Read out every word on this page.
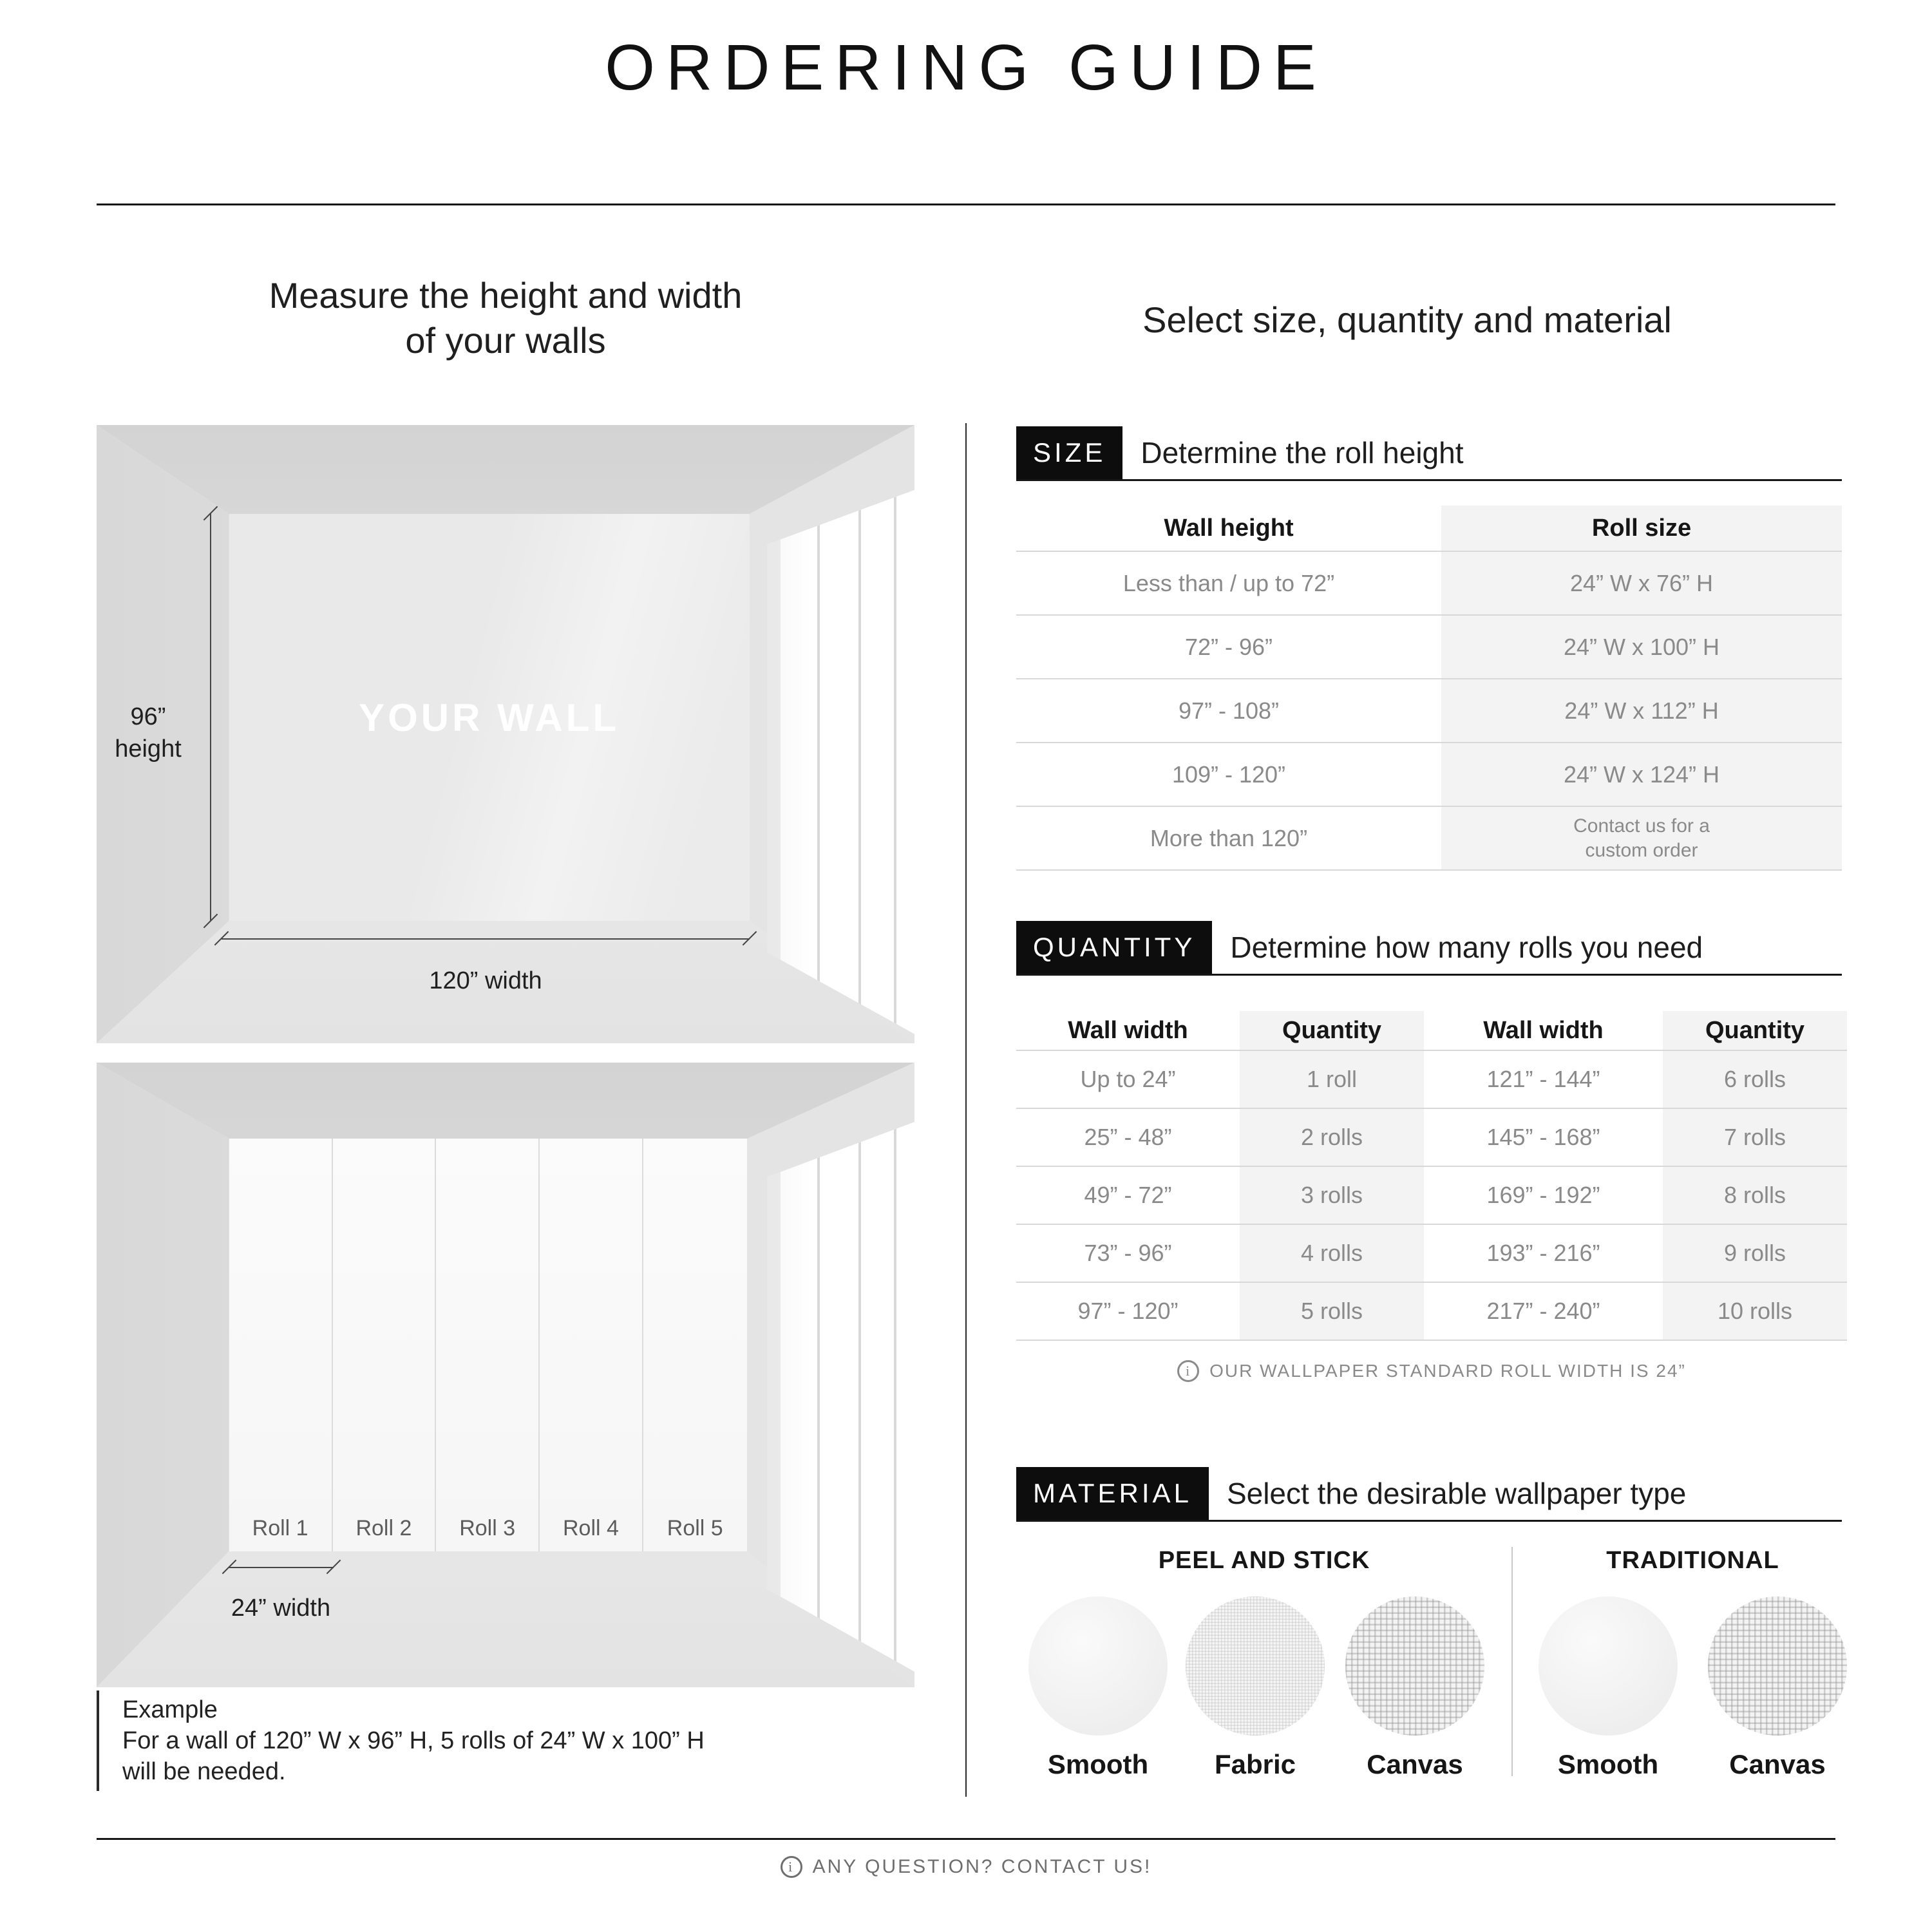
ORDERING GUIDE
Measure the height and width
of your walls
YOUR WALL
96”
height
120” width
Roll 1 Roll 2 Roll 3 Roll 4 Roll 5
24” width
Example
For a wall of 120” W x 96” H, 5 rolls of 24” W x 100” H
will be needed.
Select size, quantity and material
SIZE	Determine the roll height
Wall height	Roll size
Less than / up to 72”	24” W x 76” H
72” - 96”	24” W x 100” H
97” - 108”	24” W x 112” H
109” - 120”	24” W x 124” H
More than 120”	Contact us for a custom order
QUANTITY	Determine how many rolls you need
Wall width	Quantity	Wall width	Quantity
Up to 24”	1 roll	121” - 144”	6 rolls
25” - 48”	2 rolls	145” - 168”	7 rolls
49” - 72”	3 rolls	169” - 192”	8 rolls
73” - 96”	4 rolls	193” - 216”	9 rolls
97” - 120”	5 rolls	217” - 240”	10 rolls
i
OUR WALLPAPER STANDARD ROLL WIDTH IS 24”
MATERIAL	Select the desirable wallpaper type
PEEL AND STICK	TRADITIONAL
Smooth	Fabric	Canvas	Smooth	Canvas
i
ANY QUESTION? CONTACT US!
